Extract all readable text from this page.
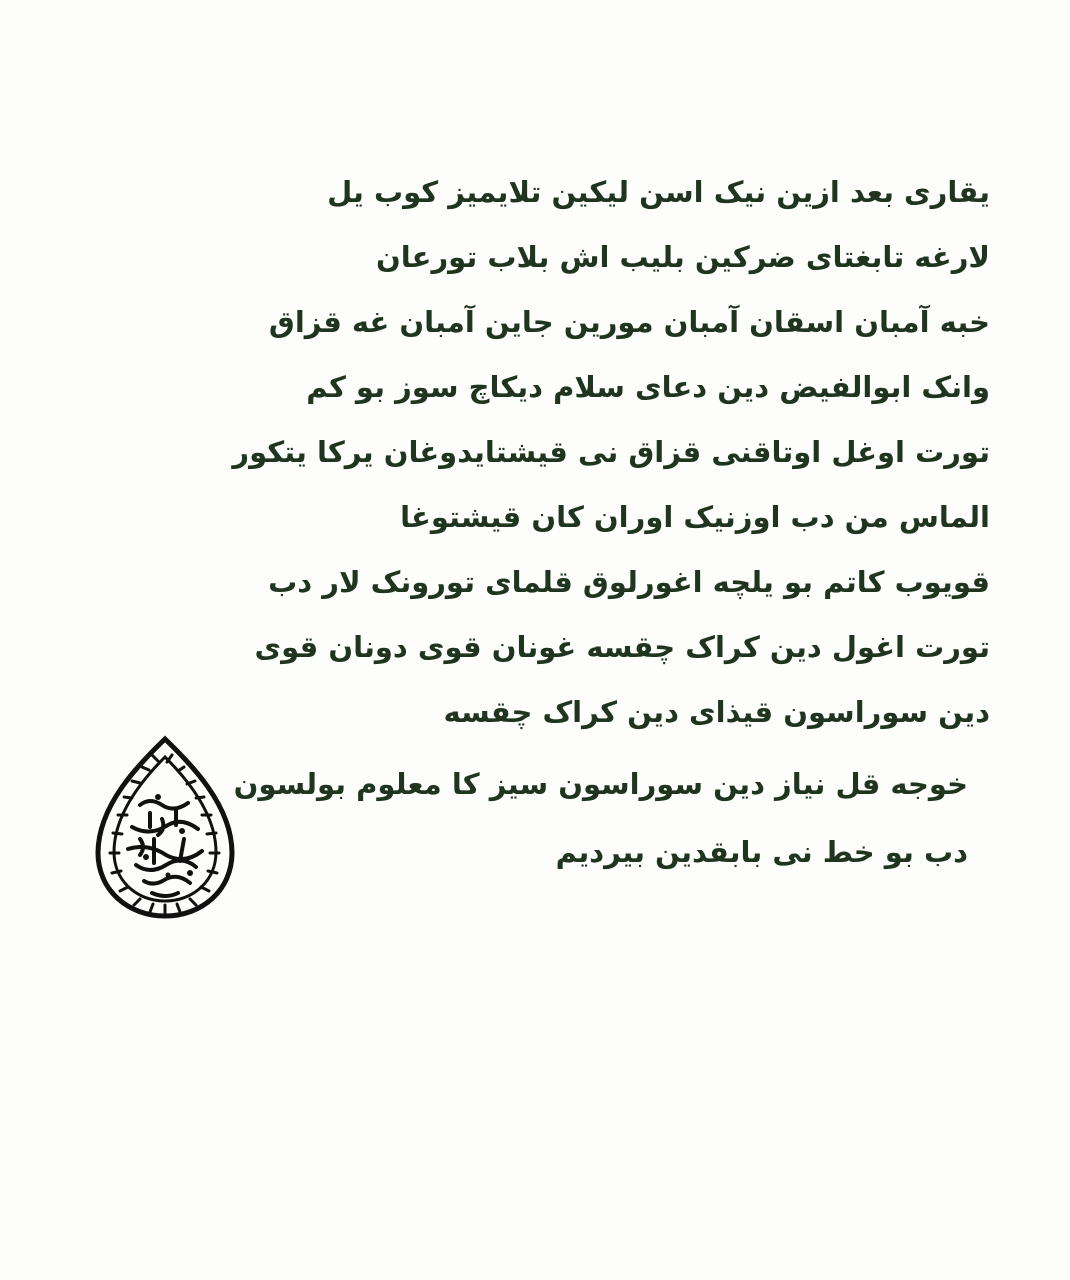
يقارى بعد ازين نيک اسن ليکين تلايميز کوب يل
لارغه تابغتاى ضرکين بليب اش بلاب تورعان
خبه آمبان اسقان آمبان مورين جاين آمبان غه قزاق
وانک ابوالفيض دين دعاى سلام ديکاچ سوز بو کم
تورت اوغل اوتاقنى قزاق نى قيشتايدوغان يرکا يتکور
الماس من دب اوزنيک اوران کان قيشتوغا
قويوب کاتم بو يلچه اغورلوق قلماى تورونک لار دب
تورت اغول دين کراک چقسه غونان قوى دونان قوى
دين سوراسون قيذاى دين کراک چقسه
خوجه قل نياز دين سوراسون سيز کا معلوم بولسون
دب بو خط نى بابقدين بيرديم
